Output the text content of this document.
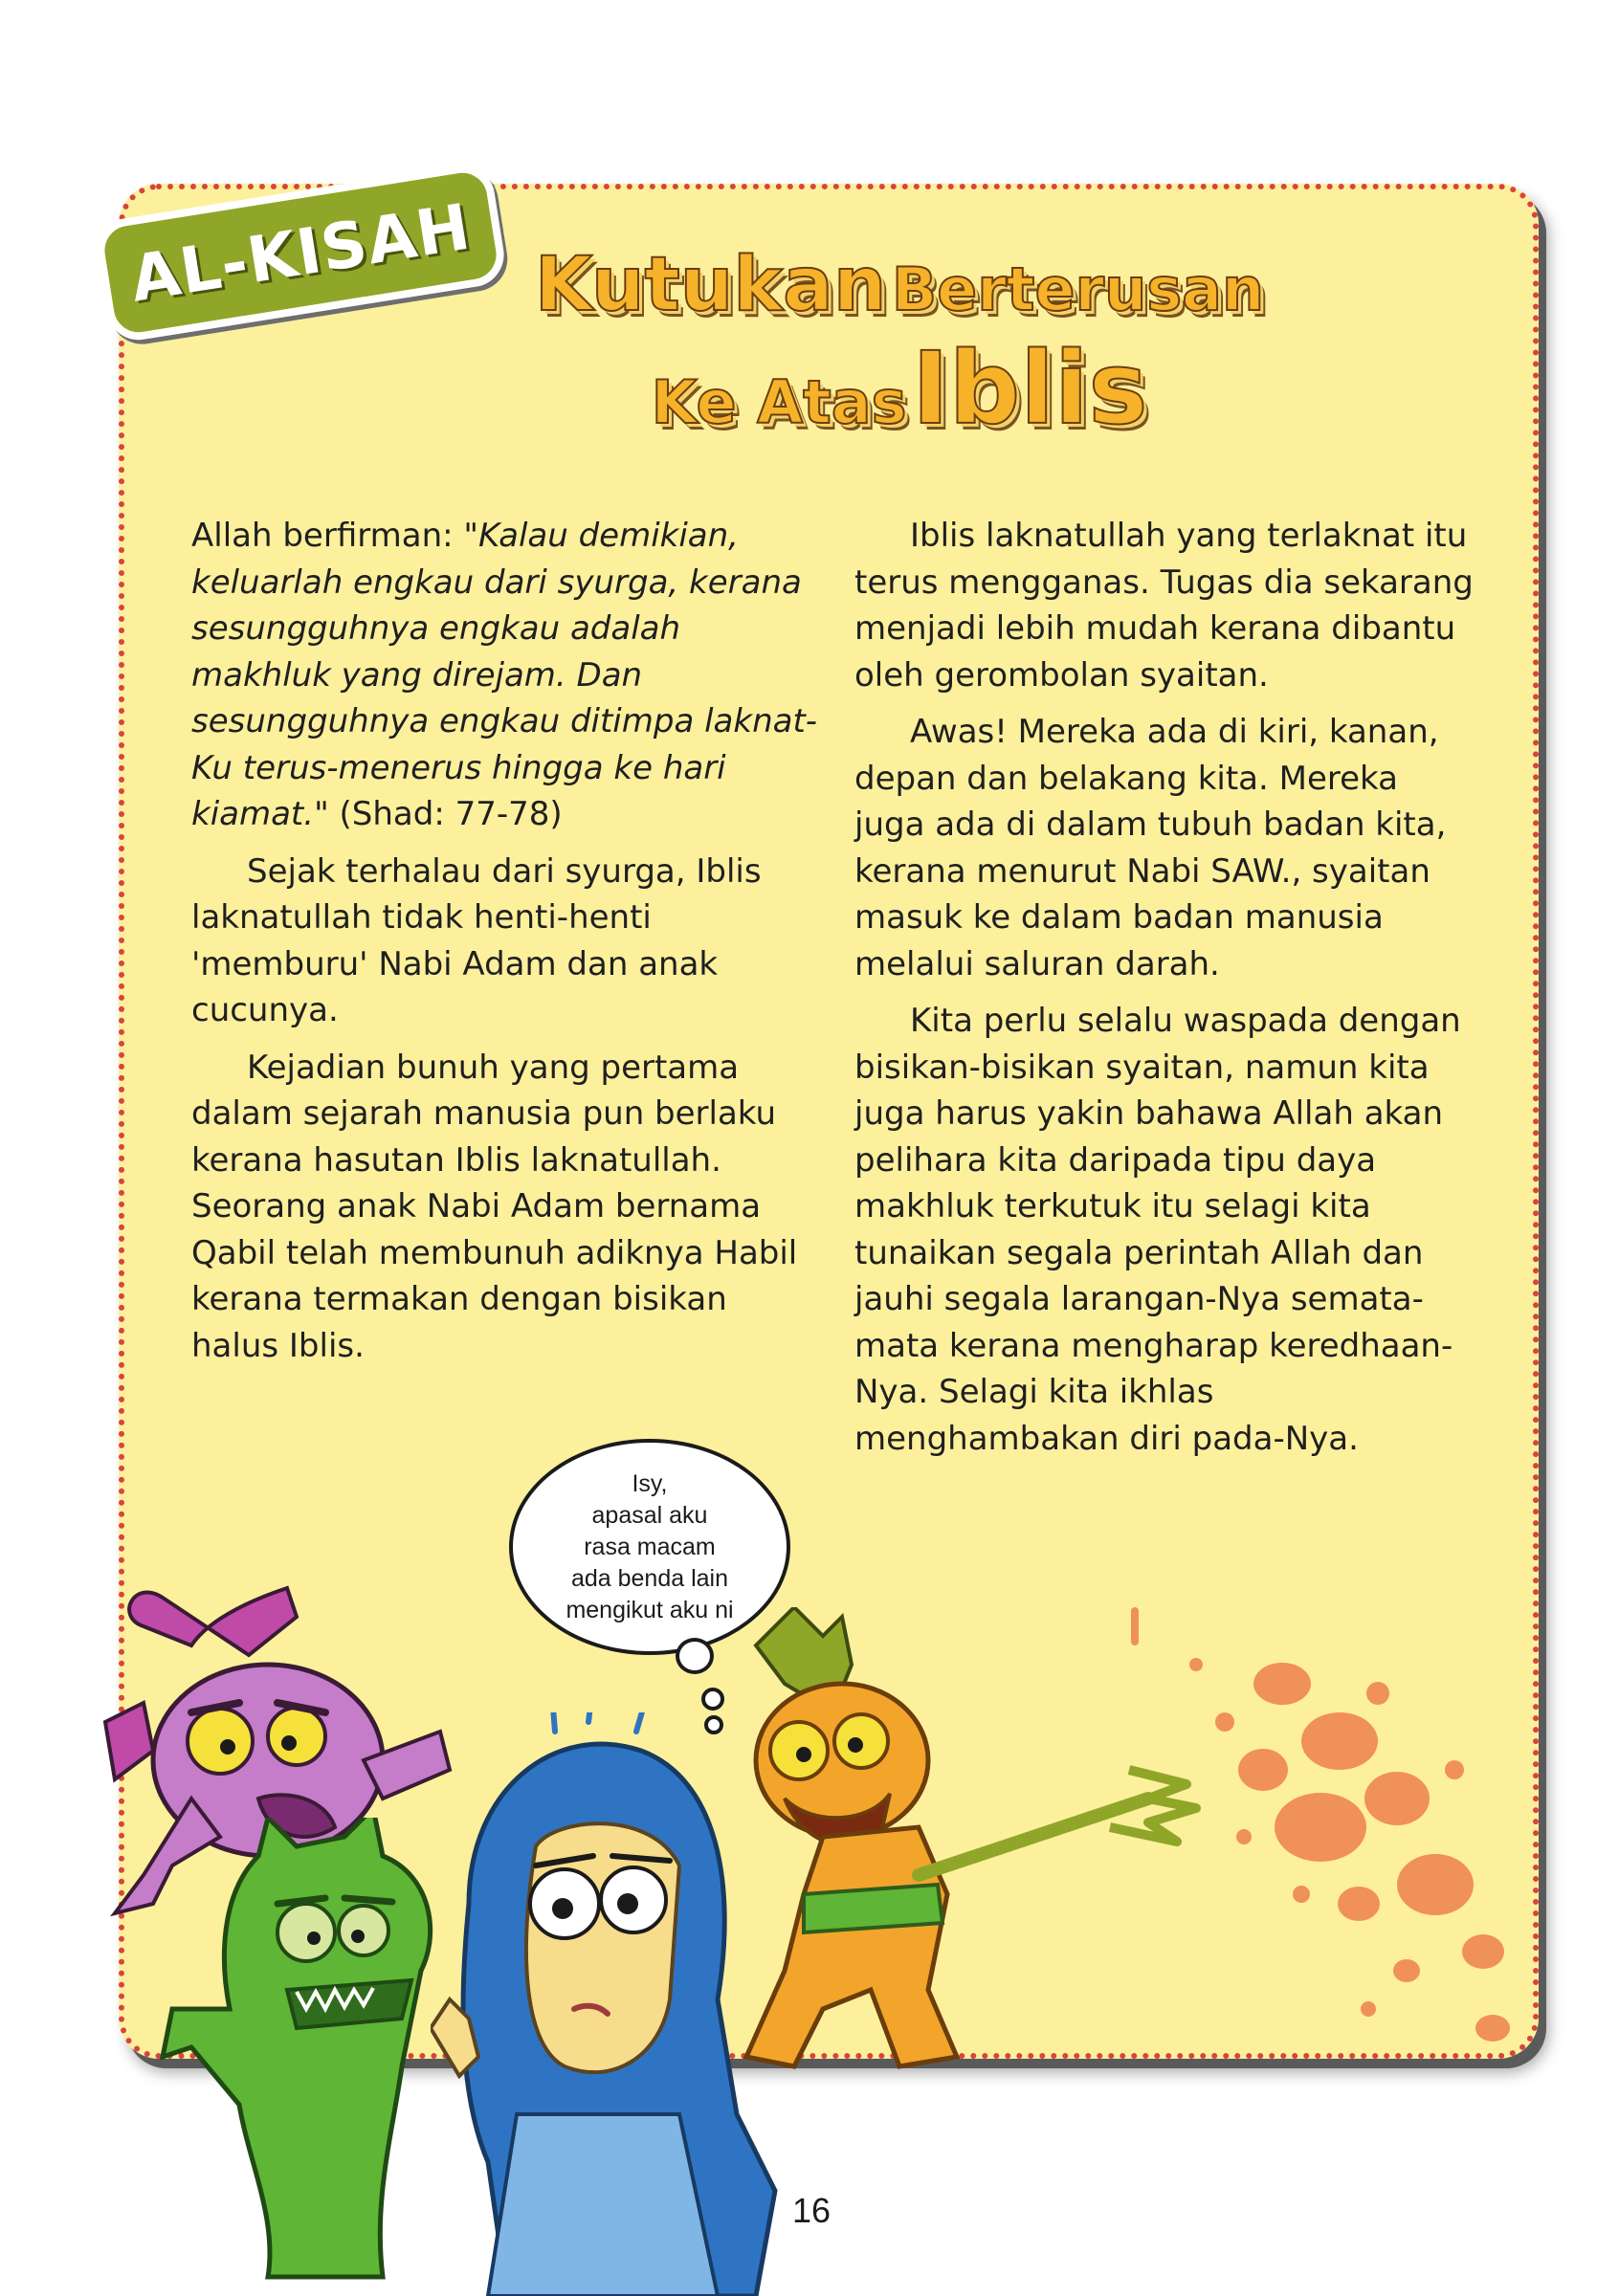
AL-KISAH Kutukan Berterusan
Ke Atas Iblis

Allah berfirman: "Kalau demikian, keluarlah engkau dari syurga, kerana sesungguhnya engkau adalah makhluk yang direjam. Dan sesungguhnya engkau ditimpa laknat-Ku terus-menerus hingga ke hari kiamat." (Shad: 77-78)

Sejak terhalau dari syurga, Iblis laknatullah tidak henti-henti 'memburu' Nabi Adam dan anak cucunya.

Kejadian bunuh yang pertama dalam sejarah manusia pun berlaku kerana hasutan Iblis laknatullah. Seorang anak Nabi Adam bernama Qabil telah membunuh adiknya Habil kerana termakan dengan bisikan halus Iblis.

Iblis laknatullah yang terlaknat itu terus mengganas. Tugas dia sekarang menjadi lebih mudah kerana dibantu oleh gerombolan syaitan.

Awas! Mereka ada di kiri, kanan, depan dan belakang kita. Mereka juga ada di dalam tubuh badan kita, kerana menurut Nabi SAW., syaitan masuk ke dalam badan manusia melalui saluran darah.

Kita perlu selalu waspada dengan bisikan-bisikan syaitan, namun kita juga harus yakin bahawa Allah akan pelihara kita daripada tipu daya makhluk terkutuk itu selagi kita tunaikan segala perintah Allah dan jauhi segala larangan-Nya semata-mata kerana mengharap keredhaan-Nya. Selagi kita ikhlas menghambakan diri pada-Nya.

Isy,
apasal aku
rasa macam
ada benda lain
mengikut aku ni
16
